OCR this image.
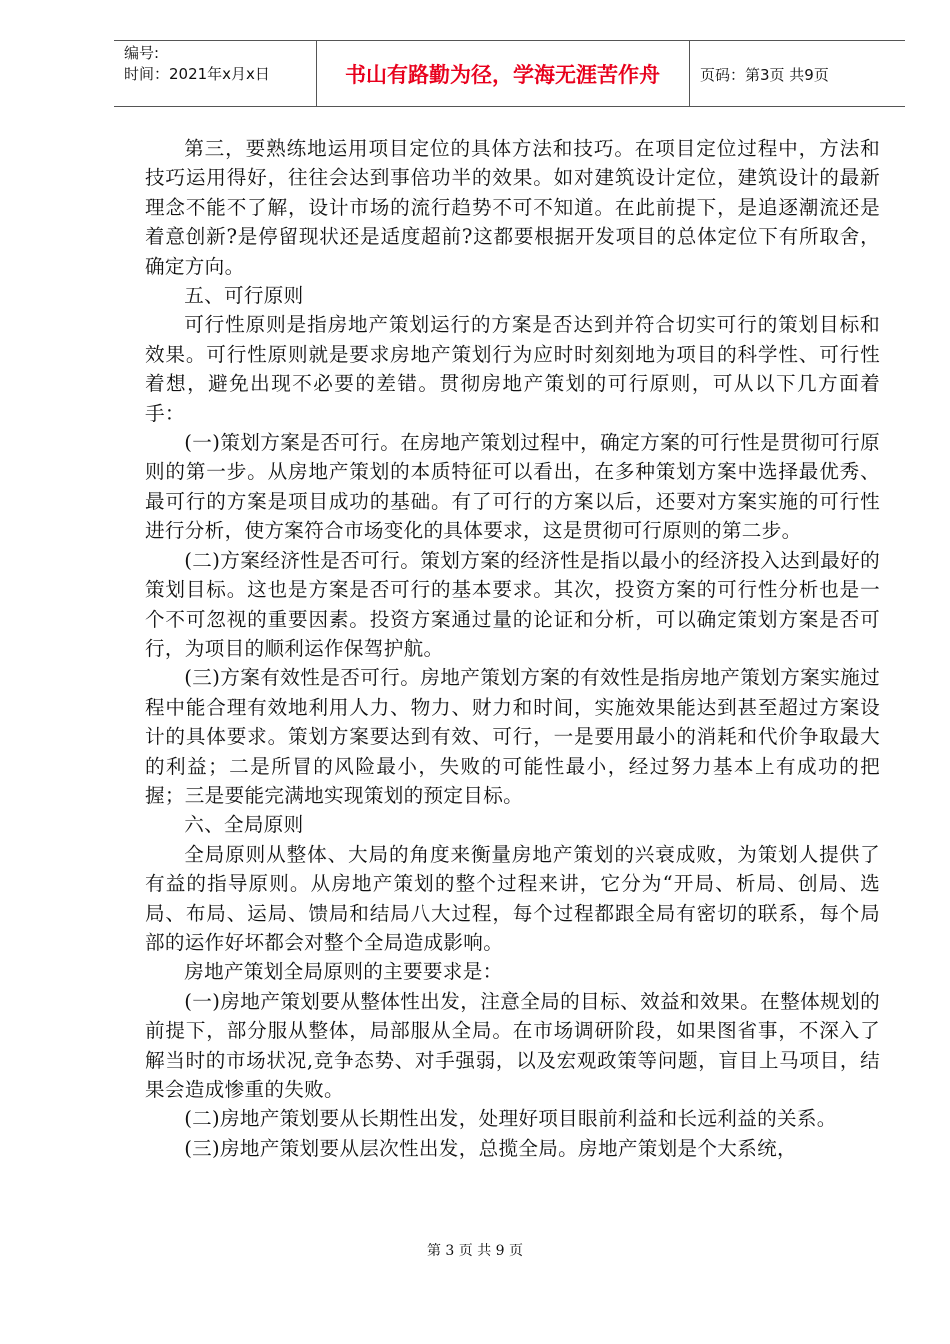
编号:
时间：2021年x月x日	书山有路勤为径，学海无涯苦作舟	页码：第3页 共9页

第三，要熟练地运用项目定位的具体方法和技巧。在项目定位过程中，方法和技巧运用得好，往往会达到事倍功半的效果。如对建筑设计定位，建筑设计的最新理念不能不了解，设计市场的流行趋势不可不知道。在此前提下，是追逐潮流还是着意创新?是停留现状还是适度超前?这都要根据开发项目的总体定位下有所取舍，确定方向。

五、可行原则

可行性原则是指房地产策划运行的方案是否达到并符合切实可行的策划目标和效果。可行性原则就是要求房地产策划行为应时时刻刻地为项目的科学性、可行性着想，避免出现不必要的差错。贯彻房地产策划的可行原则，可从以下几方面着手：

(一)策划方案是否可行。在房地产策划过程中，确定方案的可行性是贯彻可行原则的第一步。从房地产策划的本质特征可以看出，在多种策划方案中选择最优秀、最可行的方案是项目成功的基础。有了可行的方案以后，还要对方案实施的可行性进行分析，使方案符合市场变化的具体要求，这是贯彻可行原则的第二步。

(二)方案经济性是否可行。策划方案的经济性是指以最小的经济投入达到最好的策划目标。这也是方案是否可行的基本要求。其次，投资方案的可行性分析也是一个不可忽视的重要因素。投资方案通过量的论证和分析，可以确定策划方案是否可行，为项目的顺利运作保驾护航。

(三)方案有效性是否可行。房地产策划方案的有效性是指房地产策划方案实施过程中能合理有效地利用人力、物力、财力和时间，实施效果能达到甚至超过方案设计的具体要求。策划方案要达到有效、可行，一是要用最小的消耗和代价争取最大的利益；二是所冒的风险最小，失败的可能性最小，经过努力基本上有成功的把握；三是要能完满地实现策划的预定目标。

六、全局原则

全局原则从整体、大局的角度来衡量房地产策划的兴衰成败，为策划人提供了有益的指导原则。从房地产策划的整个过程来讲，它分为“开局、析局、创局、选局、布局、运局、馈局和结局八大过程，每个过程都跟全局有密切的联系，每个局部的运作好坏都会对整个全局造成影响。

房地产策划全局原则的主要要求是：

(一)房地产策划要从整体性出发，注意全局的目标、效益和效果。在整体规划的前提下，部分服从整体，局部服从全局。在市场调研阶段，如果图省事，不深入了解当时的市场状况,竞争态势、对手强弱，以及宏观政策等问题，盲目上马项目，结果会造成惨重的失败。

(二)房地产策划要从长期性出发，处理好项目眼前利益和长远利益的关系。

(三)房地产策划要从层次性出发，总揽全局。房地产策划是个大系统，

第 3 页 共 9 页
